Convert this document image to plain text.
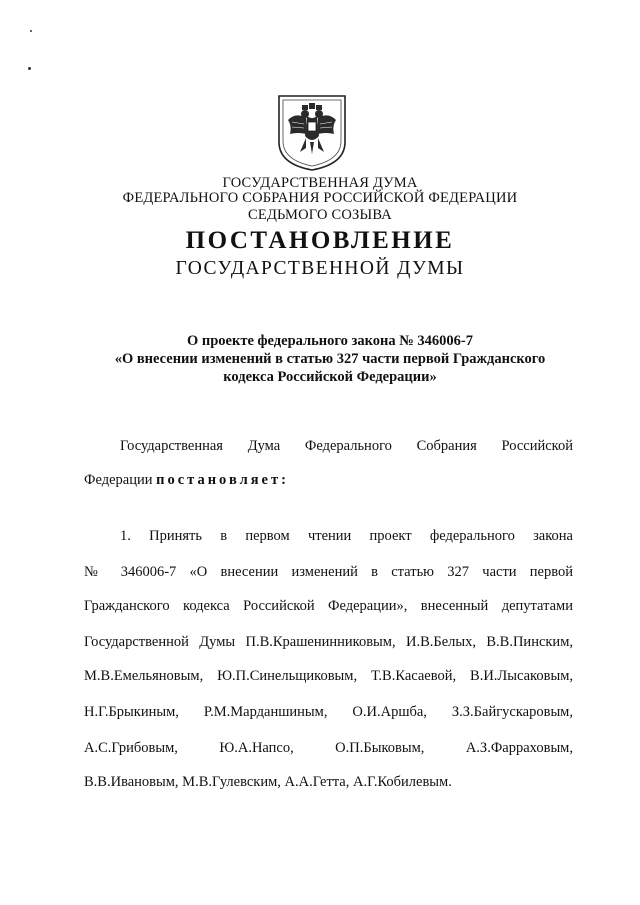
ГОСУДАРСТВЕННАЯ ДУМА
ФЕДЕРАЛЬНОГО СОБРАНИЯ РОССИЙСКОЙ ФЕДЕРАЦИИ
СЕДЬМОГО СОЗЫВА
ПОСТАНОВЛЕНИЕ
ГОСУДАРСТВЕННОЙ ДУМЫ
О проекте федерального закона № 346006-7
«О внесении изменений в статью 327 части первой Гражданского
кодекса Российской Федерации»
Государственная Дума Федерального Собрания Российской
Федерации постановляет:
1. Принять в первом чтении проект федерального закона
№ 346006-7 «О внесении изменений в статью 327 части первой
Гражданского кодекса Российской Федерации», внесенный депутатами
Государственной Думы П.В.Крашенинниковым, И.В.Белых, В.В.Пинским,
М.В.Емельяновым, Ю.П.Синельщиковым, Т.В.Касаевой, В.И.Лысаковым,
Н.Г.Брыкиным, Р.М.Марданшиным, О.И.Аршба, З.З.Байгускаровым,
А.С.Грибовым, Ю.А.Напсо, О.П.Быковым, А.З.Фарраховым,
В.В.Ивановым, М.В.Гулевским, А.А.Гетта, А.Г.Кобилевым.
